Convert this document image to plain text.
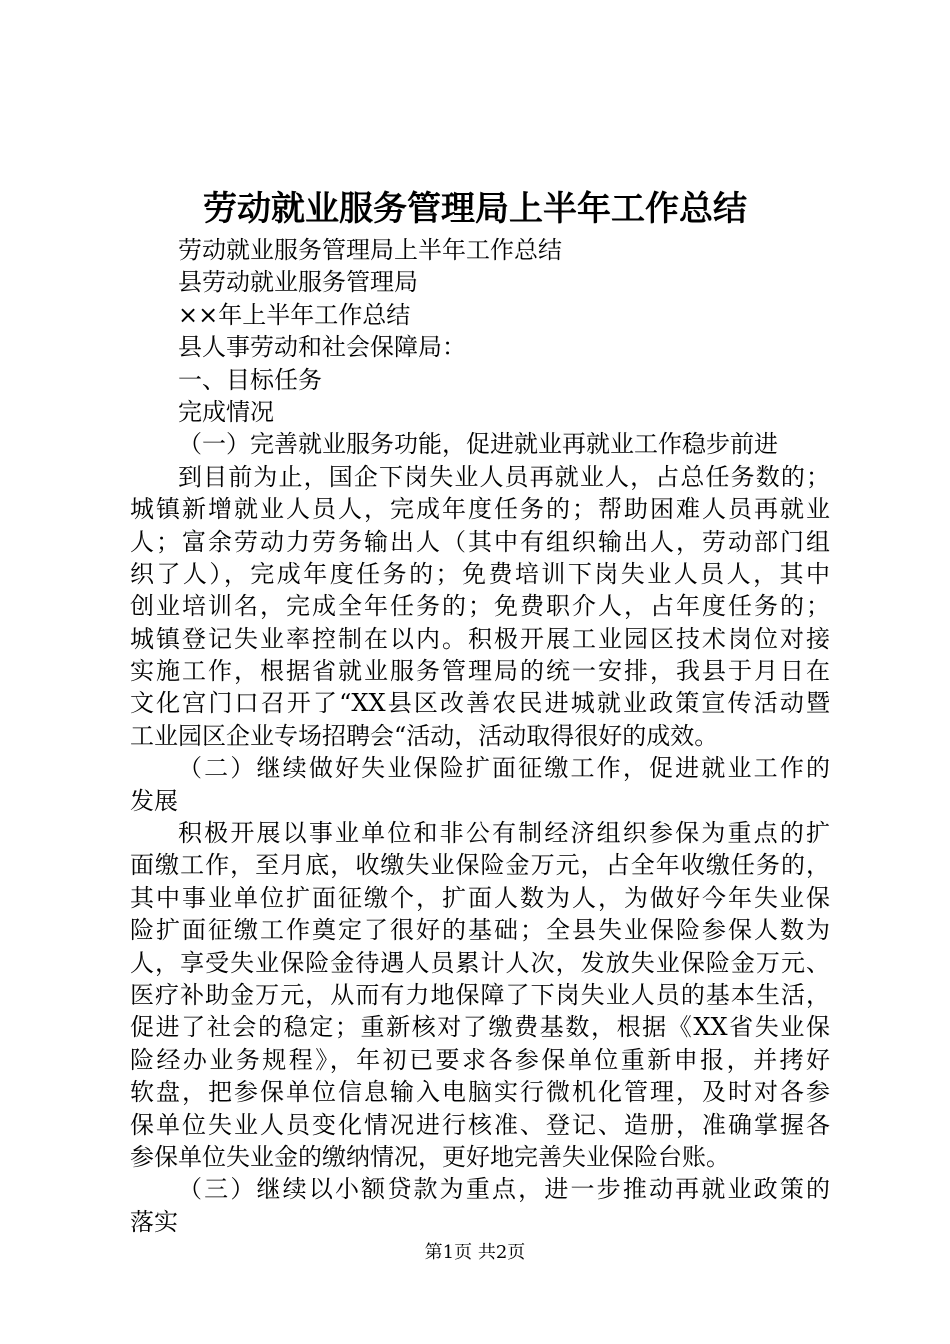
劳动就业服务管理局上半年工作总结
劳动就业服务管理局上半年工作总结
县劳动就业服务管理局
××年上半年工作总结
县人事劳动和社会保障局：
一、目标任务
完成情况
（一）完善就业服务功能，促进就业再就业工作稳步前进
到目前为止，国企下岗失业人员再就业人，占总任务数的；
城镇新增就业人员人，完成年度任务的；帮助困难人员再就业
人；富余劳动力劳务输出人（其中有组织输出人，劳动部门组
织了人），完成年度任务的；免费培训下岗失业人员人，其中
创业培训名，完成全年任务的；免费职介人，占年度任务的；
城镇登记失业率控制在以内。积极开展工业园区技术岗位对接
实施工作，根据省就业服务管理局的统一安排，我县于月日在
文化宫门口召开了“XX县区改善农民进城就业政策宣传活动暨
工业园区企业专场招聘会“活动，活动取得很好的成效。
（二）继续做好失业保险扩面征缴工作，促进就业工作的
发展
积极开展以事业单位和非公有制经济组织参保为重点的扩
面缴工作，至月底，收缴失业保险金万元，占全年收缴任务的，
其中事业单位扩面征缴个，扩面人数为人，为做好今年失业保
险扩面征缴工作奠定了很好的基础；全县失业保险参保人数为
人，享受失业保险金待遇人员累计人次，发放失业保险金万元、
医疗补助金万元，从而有力地保障了下岗失业人员的基本生活，
促进了社会的稳定；重新核对了缴费基数，根据《XX省失业保
险经办业务规程》，年初已要求各参保单位重新申报，并拷好
软盘，把参保单位信息输入电脑实行微机化管理，及时对各参
保单位失业人员变化情况进行核准、登记、造册，准确掌握各
参保单位失业金的缴纳情况，更好地完善失业保险台账。
（三）继续以小额贷款为重点，进一步推动再就业政策的
落实
第1页 共2页
